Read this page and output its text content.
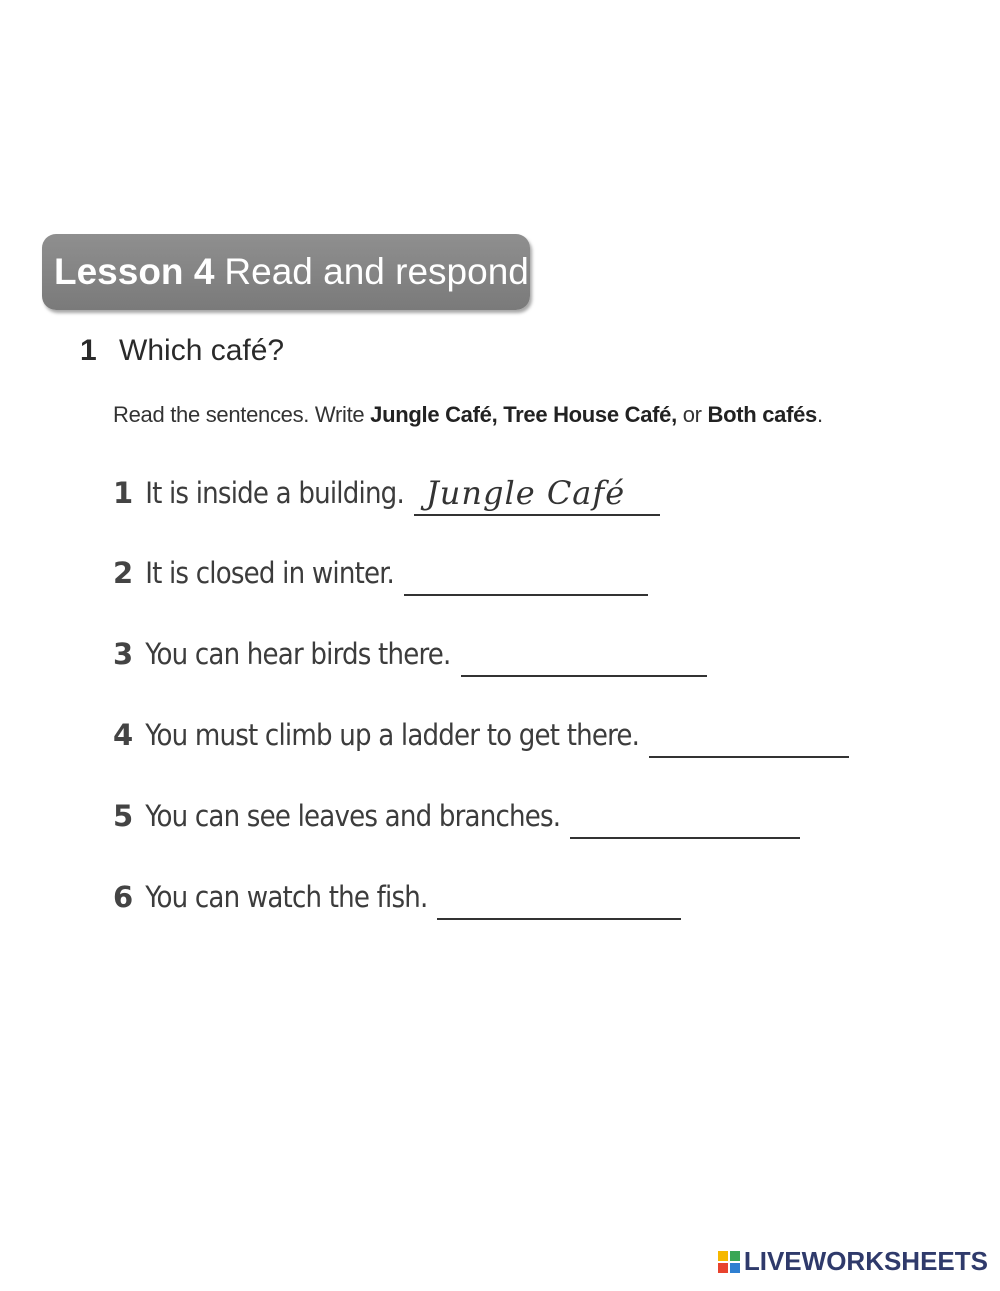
Lesson 4 Read and respond
1 Which café?
Read the sentences. Write Jungle Café, Tree House Café, or Both cafés.
1 It is inside a building. Jungle Café
2 It is closed in winter.
3 You can hear birds there.
4 You must climb up a ladder to get there.
5 You can see leaves and branches.
6 You can watch the fish.
LIVEWORKSHEETS
